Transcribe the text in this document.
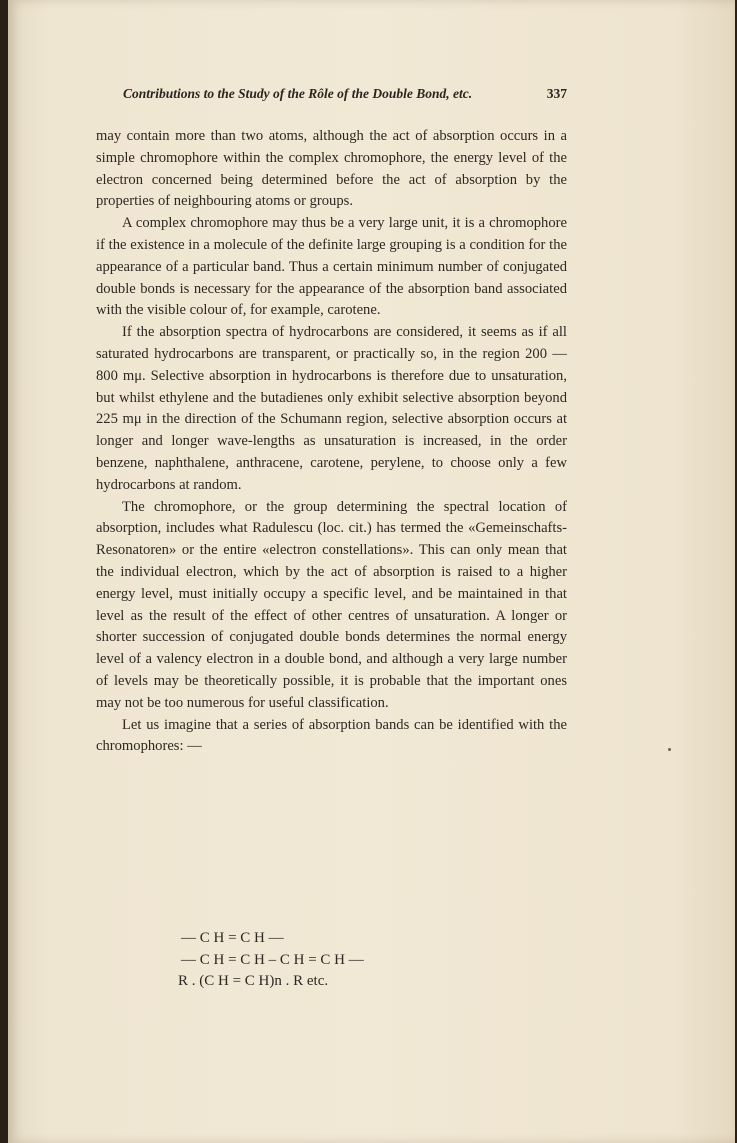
Contributions to the Study of the Rôle of the Double Bond, etc.	337

may contain more than two atoms, although the act of absorption occurs in a simple chromophore within the complex chromophore, the energy level of the electron concerned being determined before the act of absorption by the properties of neighbouring atoms or groups.

A complex chromophore may thus be a very large unit, it is a chromophore if the existence in a molecule of the definite large grouping is a condition for the appearance of a particular band. Thus a certain minimum number of conjugated double bonds is necessary for the appearance of the absorption band associated with the visible colour of, for example, carotene.

If the absorption spectra of hydrocarbons are considered, it seems as if all saturated hydrocarbons are transparent, or practically so, in the region 200 — 800 mμ. Selective absorption in hydrocarbons is therefore due to unsaturation, but whilst ethylene and the butadienes only exhibit selective absorption beyond 225 mμ in the direction of the Schumann region, selective absorption occurs at longer and longer wave-lengths as unsaturation is increased, in the order benzene, naphthalene, anthracene, carotene, perylene, to choose only a few hydrocarbons at random.

The chromophore, or the group determining the spectral location of absorption, includes what Radulescu (loc. cit.) has termed the «Gemeinschafts-Resonatoren» or the entire «electron constellations». This can only mean that the individual electron, which by the act of absorption is raised to a higher energy level, must initially occupy a specific level, and be maintained in that level as the result of the effect of other centres of unsaturation. A longer or shorter succession of conjugated double bonds determines the normal energy level of a valency electron in a double bond, and although a very large number of levels may be theoretically possible, it is probable that the important ones may not be too numerous for useful classification.

Let us imagine that a series of absorption bands can be identified with the chromophores: —

— C H = C H —
— C H = C H – C H = C H —
R . (C H = C H)n . R etc.
